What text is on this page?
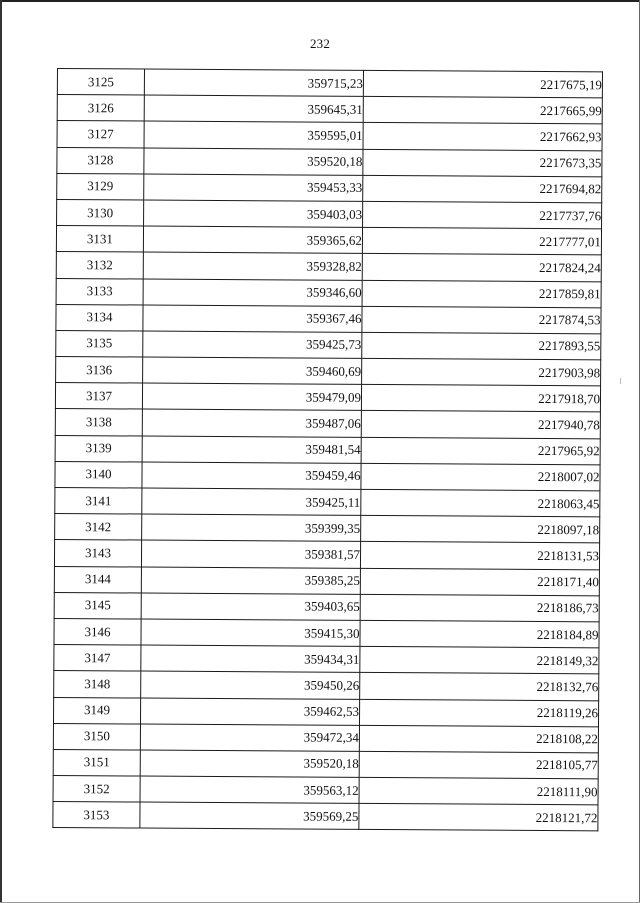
232
3125	359715,23	2217675,19
3126	359645,31	2217665,99
3127	359595,01	2217662,93
3128	359520,18	2217673,35
3129	359453,33	2217694,82
3130	359403,03	2217737,76
3131	359365,62	2217777,01
3132	359328,82	2217824,24
3133	359346,60	2217859,81
3134	359367,46	2217874,53
3135	359425,73	2217893,55
3136	359460,69	2217903,98
3137	359479,09	2217918,70
3138	359487,06	2217940,78
3139	359481,54	2217965,92
3140	359459,46	2218007,02
3141	359425,11	2218063,45
3142	359399,35	2218097,18
3143	359381,57	2218131,53
3144	359385,25	2218171,40
3145	359403,65	2218186,73
3146	359415,30	2218184,89
3147	359434,31	2218149,32
3148	359450,26	2218132,76
3149	359462,53	2218119,26
3150	359472,34	2218108,22
3151	359520,18	2218105,77
3152	359563,12	2218111,90
3153	359569,25	2218121,72
